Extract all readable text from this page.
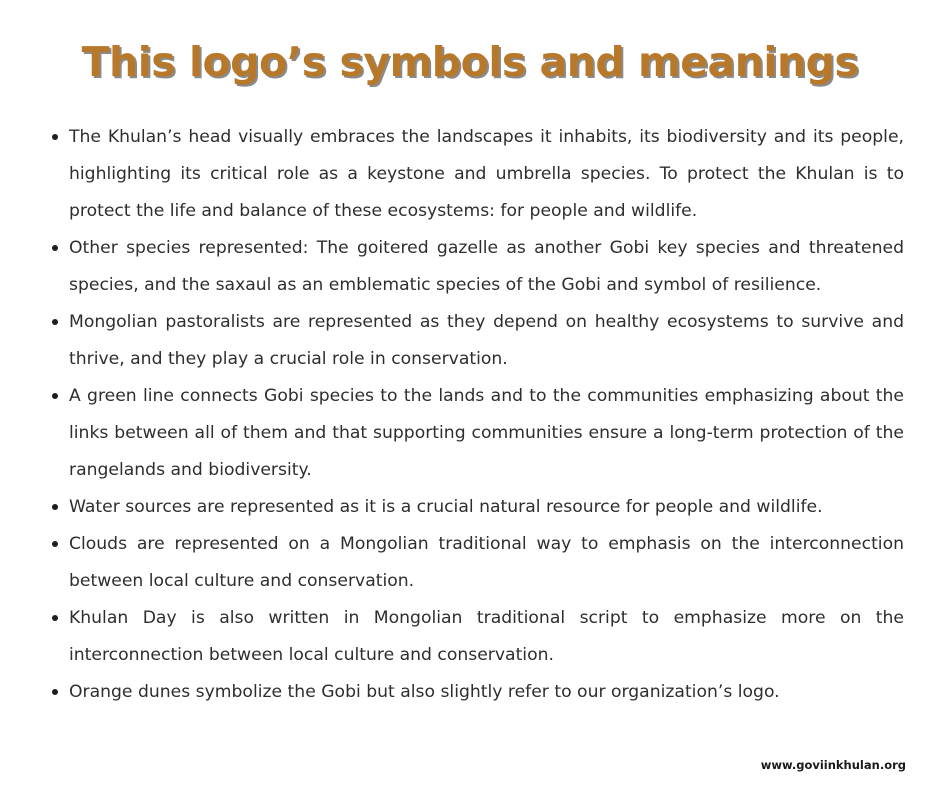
This logo’s symbols and meanings
The Khulan’s head visually embraces the landscapes it inhabits, its biodiversity and its people, highlighting its critical role as a keystone and umbrella species. To protect the Khulan is to protect the life and balance of these ecosystems: for people and wildlife.
Other species represented: The goitered gazelle as another Gobi key species and threatened species, and the saxaul as an emblematic species of the Gobi and symbol of resilience.
Mongolian pastoralists are represented as they depend on healthy ecosystems to survive and thrive, and they play a crucial role in conservation.
A green line connects Gobi species to the lands and to the communities emphasizing about the links between all of them and that supporting communities ensure a long-term protection of the rangelands and biodiversity.
Water sources are represented as it is a crucial natural resource for people and wildlife.
Clouds are represented on a Mongolian traditional way to emphasis on the interconnection between local culture and conservation.
Khulan Day is also written in Mongolian traditional script to emphasize more on the interconnection between local culture and conservation.
Orange dunes symbolize the Gobi but also slightly refer to our organization’s logo.
www.goviinkhulan.org
